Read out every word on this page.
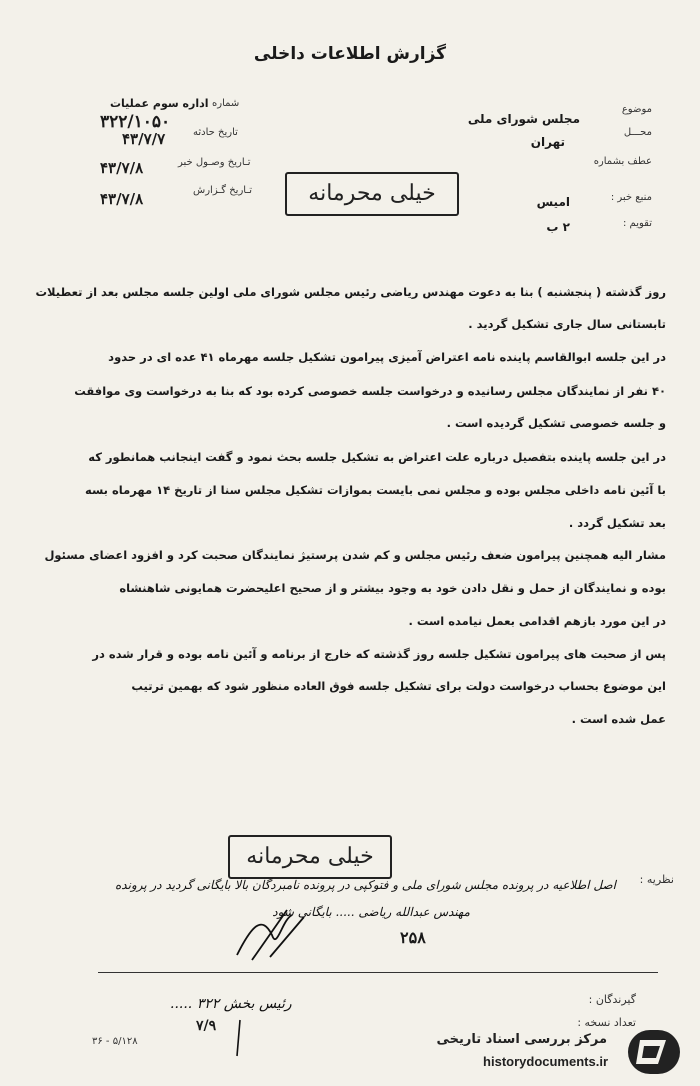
گزارش اطلاعات داخلی
موضوع
مجلس شورای ملی
محـــل
تهران
عطف بشماره
منبع خبر :
امیس
تقویم :
۲ ب
شماره
اداره سوم عملیات
۳۲۲/۱۰۵۰
تاریخ حادثه
۴۳/۷/۷
تـاریخ وصـول خبر
۴۳/۷/۸
تـاریخ گـزارش
۴۳/۷/۸	خیلی محرمانه
روز گذشته ( پنجشنبه ) بنا به دعوت مهندس ریاضی رئیس مجلس شورای ملی اولین جلسه مجلس بعد از تعطیلات
تابستانی سال جاری تشکیل گردید .
در این جلسه ابوالقاسم پاینده نامه اعتراض آمیزی پیرامون تشکیل جلسه مهرماه ۴۱ عده ای در حدود
۴۰ نفر از نمایندگان مجلس رسانیده و درخواست جلسه خصوصی کرده بود که بنا به درخواست وی موافقت
و جلسه خصوصی تشکیل گردیده است .
در این جلسه پاینده بتفصیل درباره علت اعتراض به تشکیل جلسه بحث نمود و گفت اینجانب همانطور که
با آئین نامه داخلی مجلس بوده و مجلس نمی بایست بموازات تشکیل مجلس سنا از تاریخ ۱۴ مهرماه بسه
بعد تشکیل گردد .
مشار الیه همچنین پیرامون ضعف رئیس مجلس و کم شدن پرستیژ نمایندگان صحبت کرد و افزود اعضای مسئول
بوده و نمایندگان از حمل و نقل دادن خود به وجود بیشتر و از صحیح اعلیحضرت همایونی شاهنشاه
در این مورد بازهم اقدامی بعمل نیامده است .
پس از صحبت های پیرامون تشکیل جلسه روز گذشته که خارج از برنامه و آئین نامه بوده و قرار شده در
این موضوع بحساب درخواست دولت برای تشکیل جلسه فوق العاده منظور شود که بهمین ترتیب
عمل شده است .
خیلی محرمانه
نظریه :
اصل اطلاعیه در پرونده مجلس شورای ملی و فتوکپی در پرونده نامبردگان بالا بایگانی گردید در پرونده
مهندس عبدالله ریاضی ..... بایگانی شود
۲۵۸
گیرندگان :
تعداد نسخه :
رئیس بخش ۳۲۲ .....
۷/۹
۵/۱۲۸ - ۳۶	مرکز بررسی اسناد تاریخی
historydocuments.ir
